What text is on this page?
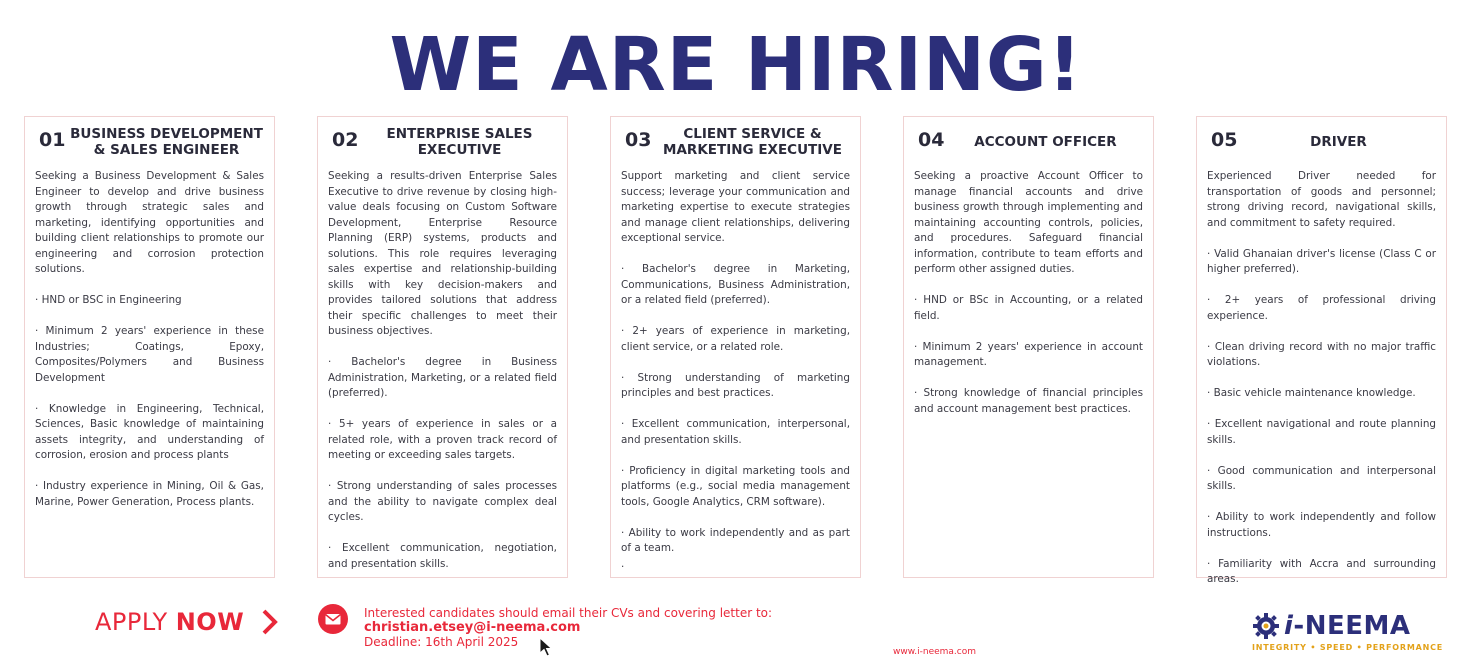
WE ARE HIRING!
01 BUSINESS DEVELOPMENT & SALES ENGINEER

Seeking a Business Development & Sales Engineer to develop and drive business growth through strategic sales and marketing, identifying opportunities and building client relationships to promote our engineering and corrosion protection solutions.

· HND or BSC in Engineering

· Minimum 2 years' experience in these Industries; Coatings, Epoxy, Composites/Polymers and Business Development

· Knowledge in Engineering, Technical, Sciences, Basic knowledge of maintaining assets integrity, and understanding of corrosion, erosion and process plants

· Industry experience in Mining, Oil & Gas, Marine, Power Generation, Process plants.

02	ENTERPRISE SALES EXECUTIVE

Seeking a results-driven Enterprise Sales Executive to drive revenue by closing high-value deals focusing on Custom Software Development, Enterprise Resource Planning (ERP) systems, products and solutions. This role requires leveraging sales expertise and relationship-building skills with key decision-makers and provides tailored solutions that address their specific challenges to meet their business objectives.

· Bachelor's degree in Business Administration, Marketing, or a related field (preferred).

· 5+ years of experience in sales or a related role, with a proven track record of meeting or exceeding sales targets.

· Strong understanding of sales processes and the ability to navigate complex deal cycles.

· Excellent communication, negotiation, and presentation skills.

03	CLIENT SERVICE & MARKETING EXECUTIVE

Support marketing and client service success; leverage your communication and marketing expertise to execute strategies and manage client relationships, delivering exceptional service.

· Bachelor's degree in Marketing, Communications, Business Administration, or a related field (preferred).

· 2+ years of experience in marketing, client service, or a related role.

· Strong understanding of marketing principles and best practices.

· Excellent communication, interpersonal, and presentation skills.

· Proficiency in digital marketing tools and platforms (e.g., social media management tools, Google Analytics, CRM software).

· Ability to work independently and as part of a team.
.

04	ACCOUNT OFFICER

Seeking a proactive Account Officer to manage financial accounts and drive business growth through implementing and maintaining accounting controls, policies, and procedures. Safeguard financial information, contribute to team efforts and perform other assigned duties.

· HND or BSc in Accounting, or a related field.

· Minimum 2 years' experience in account management.

· Strong knowledge of financial principles and account management best practices.

05	DRIVER

Experienced Driver needed for transportation of goods and personnel; strong driving record, navigational skills, and commitment to safety required.

· Valid Ghanaian driver's license (Class C or higher preferred).

· 2+ years of professional driving experience.

· Clean driving record with no major traffic violations.

· Basic vehicle maintenance knowledge.

· Excellent navigational and route planning skills.

· Good communication and interpersonal skills.

· Ability to work independently and follow instructions.

· Familiarity with Accra and surrounding areas.

APPLY NOW	Interested candidates should email their CVs and covering letter to:
christian.etsey@i-neema.com
Deadline: 16th April 2025
www.i-neema.com
i-NEEMA
INTEGRITY • SPEED • PERFORMANCE
